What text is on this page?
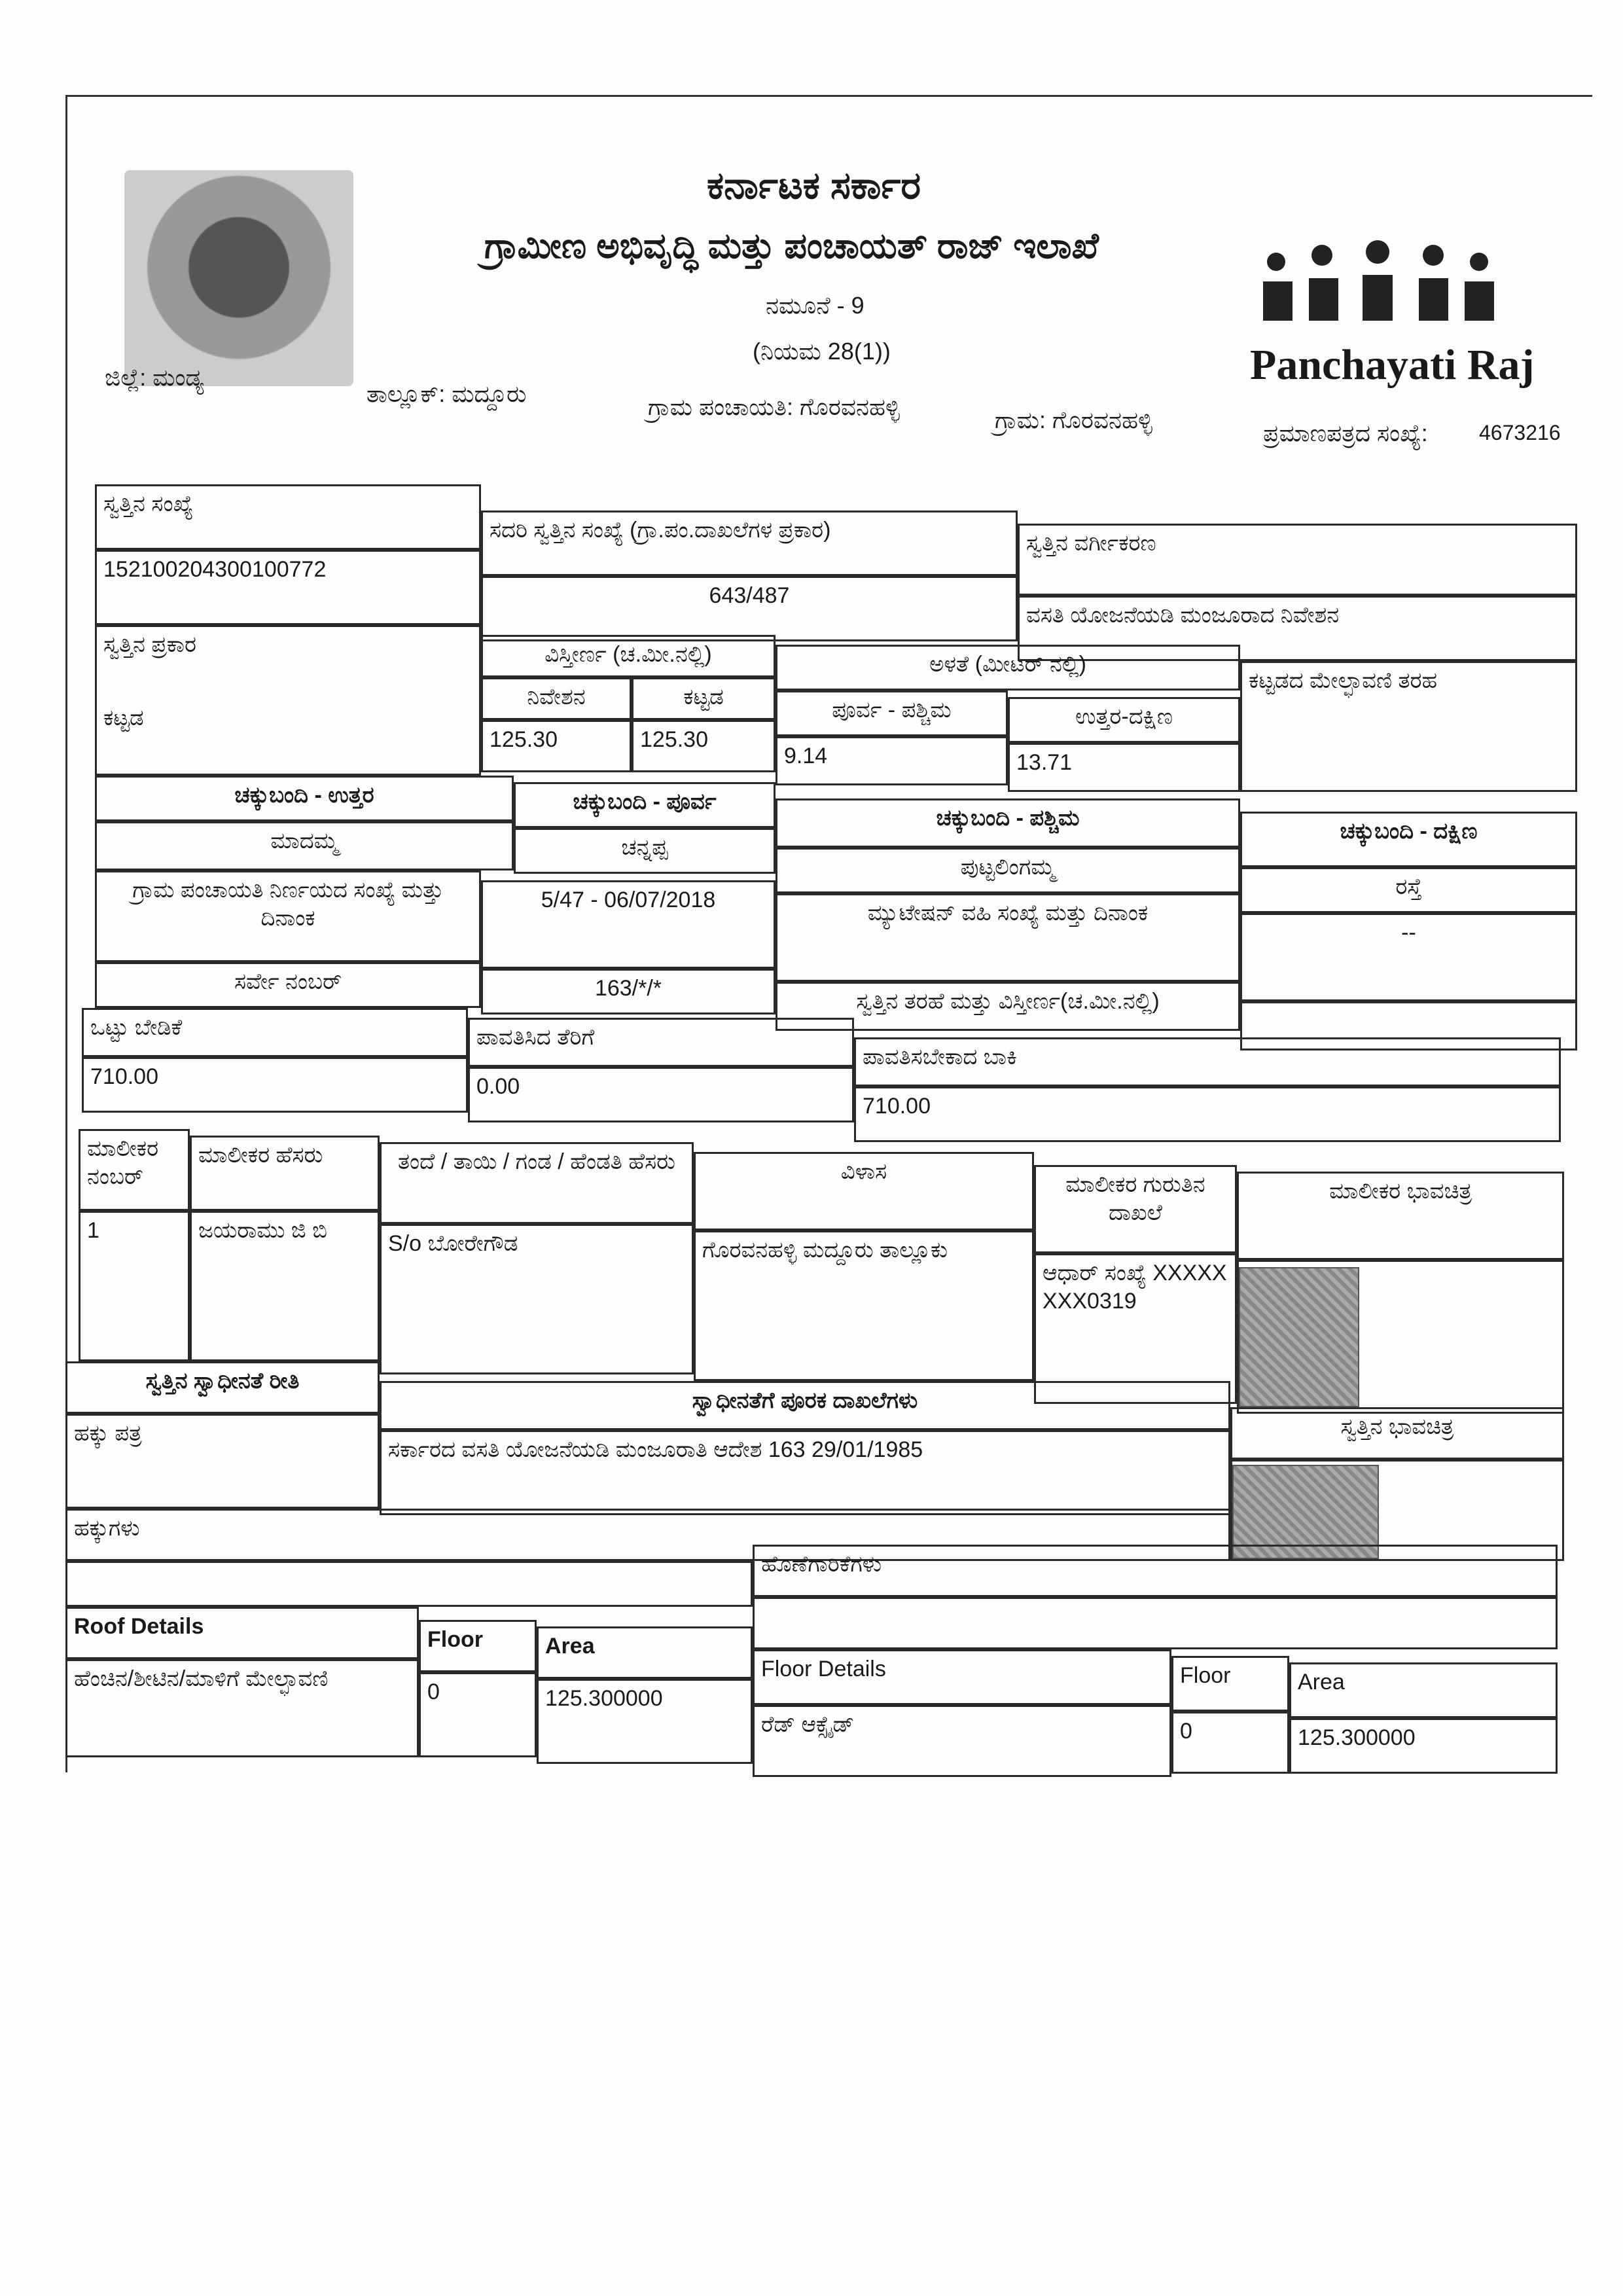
ಕರ್ನಾಟಕ ಸರ್ಕಾರ
ಗ್ರಾಮೀಣ ಅಭಿವೃದ್ಧಿ ಮತ್ತು ಪಂಚಾಯತ್ ರಾಜ್ ಇಲಾಖೆ
ನಮೂನೆ - 9
(ನಿಯಮ 28(1))	Panchayati Raj
ಜಿಲ್ಲೆ: ಮಂಡ್ಯ
ತಾಲ್ಲೂಕ್: ಮದ್ದೂರು	ಗ್ರಾಮ ಪಂಚಾಯತಿ: ಗೊರವನಹಳ್ಳಿ	ಗ್ರಾಮ: ಗೊರವನಹಳ್ಳಿ	ಪ್ರಮಾಣಪತ್ರದ ಸಂಖ್ಯೆ: 4673216
ಸ್ವತ್ತಿನ ಸಂಖ್ಯೆ
152100204300100772
ಸದರಿ ಸ್ವತ್ತಿನ ಸಂಖ್ಯೆ (ಗ್ರಾ.ಪಂ.ದಾಖಲೆಗಳ ಪ್ರಕಾರ)
643/487
ಸ್ವತ್ತಿನ ವರ್ಗೀಕರಣ
ವಸತಿ ಯೋಜನೆಯಡಿ ಮಂಜೂರಾದ ನಿವೇಶನ
ಸ್ವತ್ತಿನ ಪ್ರಕಾರ
ಕಟ್ಟಡ
ವಿಸ್ತೀರ್ಣ (ಚ.ಮೀ.ನಲ್ಲಿ)
ನಿವೇಶನ	ಕಟ್ಟಡ
125.30	125.30
ಅಳತೆ (ಮೀಟರ್ ನಲ್ಲಿ)
ಪೂರ್ವ - ಪಶ್ಚಿಮ	ಉತ್ತರ-ದಕ್ಷಿಣ
9.14	13.71
ಕಟ್ಟಡದ ಮೇಲ್ಛಾವಣಿ ತರಹ
ಚಕ್ಕುಬಂದಿ - ಉತ್ತರ	ಚಕ್ಕುಬಂದಿ - ಪೂರ್ವ
ಚಕ್ಕುಬಂದಿ - ಪಶ್ಚಿಮ
ಚಕ್ಕುಬಂದಿ - ದಕ್ಷಿಣ
ಮಾದಮ್ಮ	ಚನ್ನಪ್ಪ
ಪುಟ್ಟಲಿಂಗಮ್ಮ
ರಸ್ತೆ
ಗ್ರಾಮ ಪಂಚಾಯತಿ ನಿರ್ಣಯದ ಸಂಖ್ಯೆ ಮತ್ತು ದಿನಾಂಕ
5/47 - 06/07/2018
ಮ್ಯುಟೇಷನ್ ವಹಿ ಸಂಖ್ಯೆ ಮತ್ತು ದಿನಾಂಕ
--
ಸರ್ವೇ ನಂಬರ್	163/*/*
ಸ್ವತ್ತಿನ ತರಹೆ ಮತ್ತು ವಿಸ್ತೀರ್ಣ(ಚ.ಮೀ.ನಲ್ಲಿ)
ಒಟ್ಟು ಬೇಡಿಕೆ
710.00
ಪಾವತಿಸಿದ ತೆರಿಗೆ
0.00
ಪಾವತಿಸಬೇಕಾದ ಬಾಕಿ
710.00
ಮಾಲೀಕರ ನಂಬರ್
ಮಾಲೀಕರ ಹೆಸರು	ತಂದೆ / ತಾಯಿ / ಗಂಡ / ಹೆಂಡತಿ ಹೆಸರು	ವಿಳಾಸ
ಮಾಲೀಕರ ಗುರುತಿನ ದಾಖಲೆ
ಮಾಲೀಕರ ಭಾವಚಿತ್ರ
1	ಜಯರಾಮು ಜಿ ಬಿ
S/o ಬೋರೇಗೌಡ	ಗೊರವನಹಳ್ಳಿ ಮದ್ದೂರು ತಾಲ್ಲೂಕು
ಆಧಾರ್ ಸಂಖ್ಯೆ XXXXXXXX0319
ಸ್ವತ್ತಿನ ಸ್ವಾಧೀನತೆ ರೀತಿ
ಹಕ್ಕು ಪತ್ರ
ಸ್ವಾಧೀನತೆಗೆ ಪೂರಕ ದಾಖಲೆಗಳು
ಸರ್ಕಾರದ ವಸತಿ ಯೋಜನೆಯಡಿ ಮಂಜೂರಾತಿ ಆದೇಶ 163 29/01/1985
ಸ್ವತ್ತಿನ ಭಾವಚಿತ್ರ
ಹಕ್ಕುಗಳು
ಹೊಣೆಗಾರಿಕೆಗಳು
Roof Details
Floor	Area
ಹೆಂಚಿನ/ಶೀಟಿನ/ಮಾಳಿಗೆ ಮೇಲ್ಛಾವಣಿ
0	125.300000
Floor Details	Floor	Area
ರೆಡ್ ಆಕ್ಸೈಡ್	0	125.300000
